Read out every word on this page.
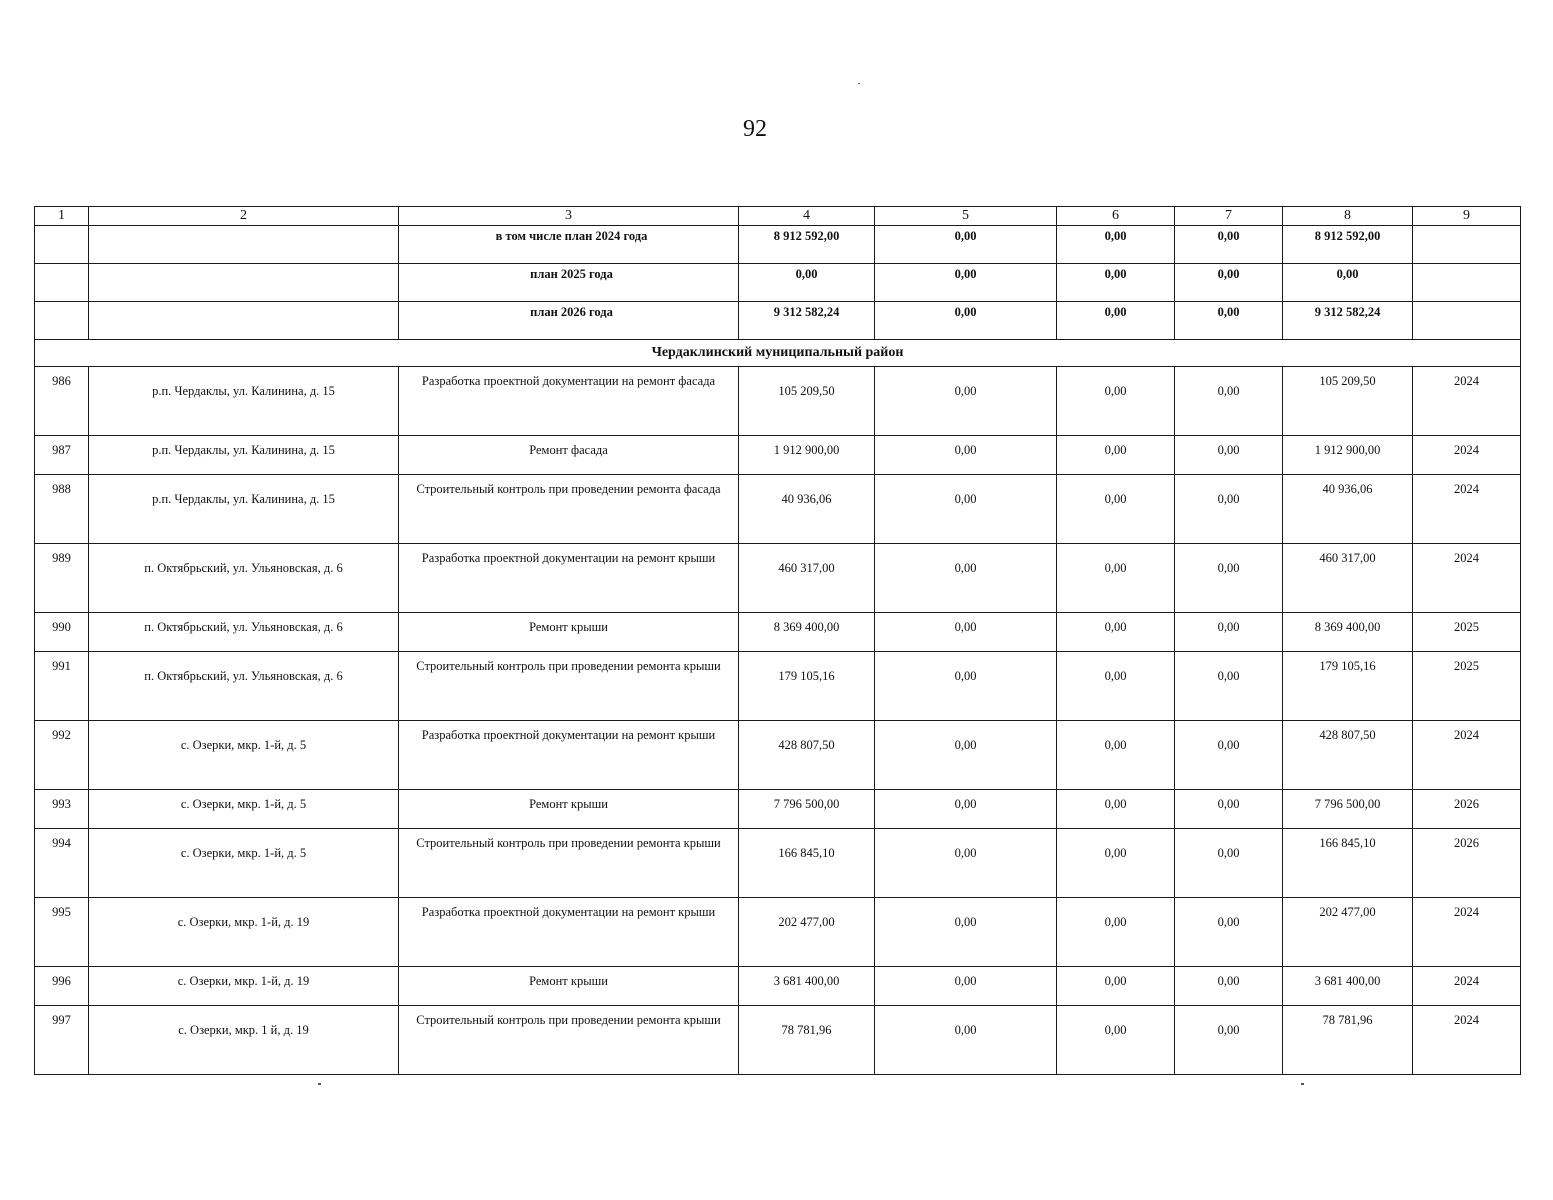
92
1	2	3	4	5	6	7	8	9
		в том числе план 2024 года	8 912 592,00	0,00	0,00	0,00	8 912 592,00	
		план 2025 года	0,00	0,00	0,00	0,00	0,00	
		план 2026 года	9 312 582,24	0,00	0,00	0,00	9 312 582,24	
Чердаклинский муниципальный район								
986	р.п. Чердаклы, ул. Калинина, д. 15	Разработка проектной документации на ремонт фасада	105 209,50	0,00	0,00	0,00	105 209,50	2024
987	р.п. Чердаклы, ул. Калинина, д. 15	Ремонт фасада	1 912 900,00	0,00	0,00	0,00	1 912 900,00	2024
988	р.п. Чердаклы, ул. Калинина, д. 15	Строительный контроль при проведении ремонта фасада	40 936,06	0,00	0,00	0,00	40 936,06	2024
989	п. Октябрьский, ул. Ульяновская, д. 6	Разработка проектной документации на ремонт крыши	460 317,00	0,00	0,00	0,00	460 317,00	2024
990	п. Октябрьский, ул. Ульяновская, д. 6	Ремонт крыши	8 369 400,00	0,00	0,00	0,00	8 369 400,00	2025
991	п. Октябрьский, ул. Ульяновская, д. 6	Строительный контроль при проведении ремонта крыши	179 105,16	0,00	0,00	0,00	179 105,16	2025
992	с. Озерки, мкр. 1-й, д. 5	Разработка проектной документации на ремонт крыши	428 807,50	0,00	0,00	0,00	428 807,50	2024
993	с. Озерки, мкр. 1-й, д. 5	Ремонт крыши	7 796 500,00	0,00	0,00	0,00	7 796 500,00	2026
994	с. Озерки, мкр. 1-й, д. 5	Строительный контроль при проведении ремонта крыши	166 845,10	0,00	0,00	0,00	166 845,10	2026
995	с. Озерки, мкр. 1-й, д. 19	Разработка проектной документации на ремонт крыши	202 477,00	0,00	0,00	0,00	202 477,00	2024
996	с. Озерки, мкр. 1-й, д. 19	Ремонт крыши	3 681 400,00	0,00	0,00	0,00	3 681 400,00	2024
997	с. Озерки, мкр. 1 й, д. 19	Строительный контроль при проведении ремонта крыши	78 781,96	0,00	0,00	0,00	78 781,96	2024
